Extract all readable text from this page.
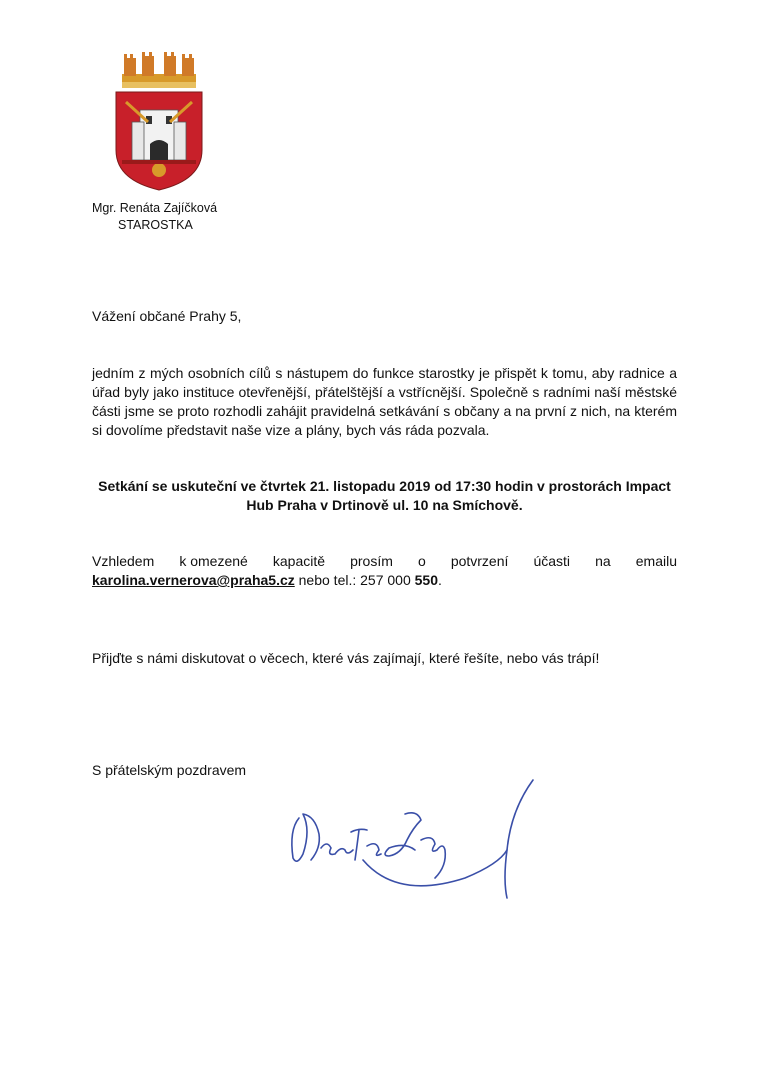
Mgr. Renáta Zajíčková
STAROSTKA
Vážení občané Prahy 5,
jedním z mých osobních cílů s nástupem do funkce starostky je přispět k tomu, aby radnice a úřad byly jako instituce otevřenější, přátelštější a vstřícnější. Společně s radními naší městské části jsme se proto rozhodli zahájit pravidelná setkávání s občany a na první z nich, na kterém si dovolíme představit naše vize a plány, bych vás ráda pozvala.
Setkání se uskuteční ve čtvrtek 21. listopadu 2019 od 17:30 hodin v prostorách Impact Hub Praha v Drtinově ul. 10 na Smíchově.
Vzhledem k omezené kapacitě prosím o potvrzení účasti na emailu
karolina.vernerova@praha5.cz nebo tel.: 257 000 550.
Přijďte s námi diskutovat o věcech, které vás zajímají, které řešíte, nebo vás trápí!
S přátelským pozdravem
